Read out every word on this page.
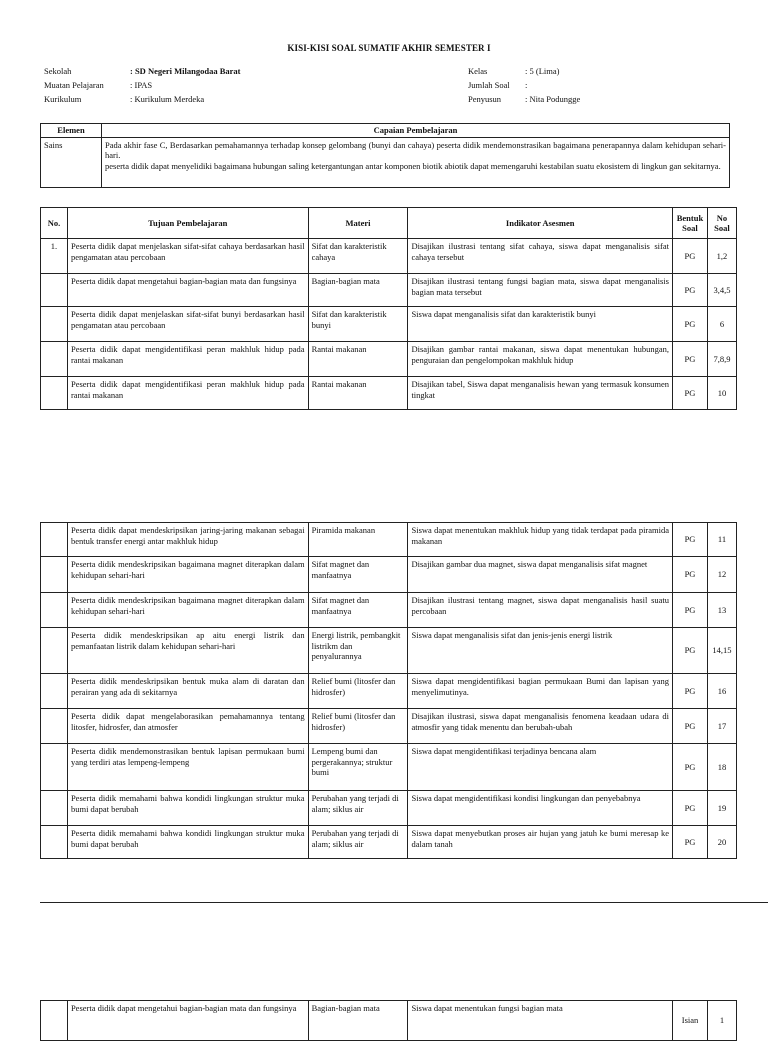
KISI-KISI SOAL SUMATIF AKHIR SEMESTER I
Sekolah	: SD Negeri Milangodaa Barat
Muatan Pelajaran	: IPAS
Kurikulum	: Kurikulum Merdeka
Kelas	: 5 (Lima)
Jumlah Soal :
Penyusun	: Nita Podungge
Elemen	Capaian Pembelajaran
Sains	Pada akhir fase C, Berdasarkan pemahamannya terhadap konsep gelombang (bunyi dan cahaya) peserta didik mendemonstrasikan bagaimana penerapannya dalam kehidupan sehari-hari.
peserta didik dapat menyelidiki bagaimana hubungan saling ketergantungan antar komponen biotik abiotik dapat memengaruhi kestabilan suatu ekosistem di lingkun gan sekitarnya.
No.	Tujuan Pembelajaran	Materi	Indikator Asesmen	Bentuk Soal	No Soal
1.	Peserta didik dapat menjelaskan sifat-sifat cahaya berdasarkan hasil pengamatan atau percobaan	Sifat dan karakteristik cahaya	Disajikan ilustrasi tentang sifat cahaya, siswa dapat menganalisis sifat cahaya tersebut	PG	1,2
	Peserta didik dapat mengetahui bagian-bagian mata dan fungsinya	Bagian-bagian mata	Disajikan ilustrasi tentang fungsi bagian mata, siswa dapat menganalisis bagian mata tersebut	PG	3,4,5
	Peserta didik dapat menjelaskan sifat-sifat bunyi berdasarkan hasil pengamatan atau percobaan	Sifat dan karakteristik bunyi	Siswa dapat menganalisis sifat dan karakteristik bunyi	PG	6
	Peserta didik dapat mengidentifikasi peran makhluk hidup pada rantai makanan	Rantai makanan	Disajikan gambar rantai makanan, siswa dapat menentukan hubungan, penguraian dan pengelompokan makhluk hidup	PG	7,8,9
	Peserta didik dapat mengidentifikasi peran makhluk hidup pada rantai makanan	Rantai makanan	Disajikan tabel, Siswa dapat menganalisis hewan yang termasuk konsumen tingkat	PG	10
	Peserta didik dapat mendeskripsikan jaring-jaring makanan sebagai bentuk transfer energi antar makhluk hidup	Piramida makanan	Siswa dapat menentukan makhluk hidup yang tidak terdapat pada piramida makanan	PG	11
	Peserta didik mendeskripsikan bagaimana magnet diterapkan dalam kehidupan sehari-hari	Sifat magnet dan manfaatnya	Disajikan gambar dua magnet, siswa dapat menganalisis sifat magnet	PG	12
	Peserta didik mendeskripsikan bagaimana magnet diterapkan dalam kehidupan sehari-hari	Sifat magnet dan manfaatnya	Disajikan ilustrasi tentang magnet, siswa dapat menganalisis hasil suatu percobaan	PG	13
	Peserta didik mendeskripsikan ap aitu energi listrik dan pemanfaatan listrik dalam kehidupan sehari-hari	Energi listrik, pembangkit listrikm dan penyalurannya	Siswa dapat menganalisis sifat dan jenis-jenis energi listrik	PG	14,15
	Peserta didik mendeskripsikan bentuk muka alam di daratan dan perairan yang ada di sekitarnya	Relief bumi (litosfer dan hidrosfer)	Siswa dapat mengidentifikasi bagian permukaan Bumi dan lapisan yang menyelimutinya.	PG	16
	Peserta didik dapat mengelaborasikan pemahamannya tentang litosfer, hidrosfer, dan atmosfer	Relief bumi (litosfer dan hidrosfer)	Disajikan ilustrasi, siswa dapat menganalisis fenomena keadaan udara di atmosfir yang tidak menentu dan berubah-ubah	PG	17
	Peserta didik mendemonstrasikan bentuk lapisan permukaan bumi yang terdiri atas lempeng-lempeng	Lempeng bumi dan pergerakannya; struktur bumi	Siswa dapat mengidentifikasi terjadinya bencana alam	PG	18
	Peserta didik memahami bahwa kondidi lingkungan struktur muka bumi dapat berubah	Perubahan yang terjadi di alam; siklus air	Siswa dapat mengidentifikasi kondisi lingkungan dan penyebabnya	PG	19
	Peserta didik memahami bahwa kondidi lingkungan struktur muka bumi dapat berubah	Perubahan yang terjadi di alam; siklus air	Siswa dapat menyebutkan proses air hujan yang jatuh ke bumi meresap ke dalam tanah	PG	20
	Peserta didik dapat mengetahui bagian-bagian mata dan fungsinya	Bagian-bagian mata	Siswa dapat menentukan fungsi bagian mata	Isian	1
